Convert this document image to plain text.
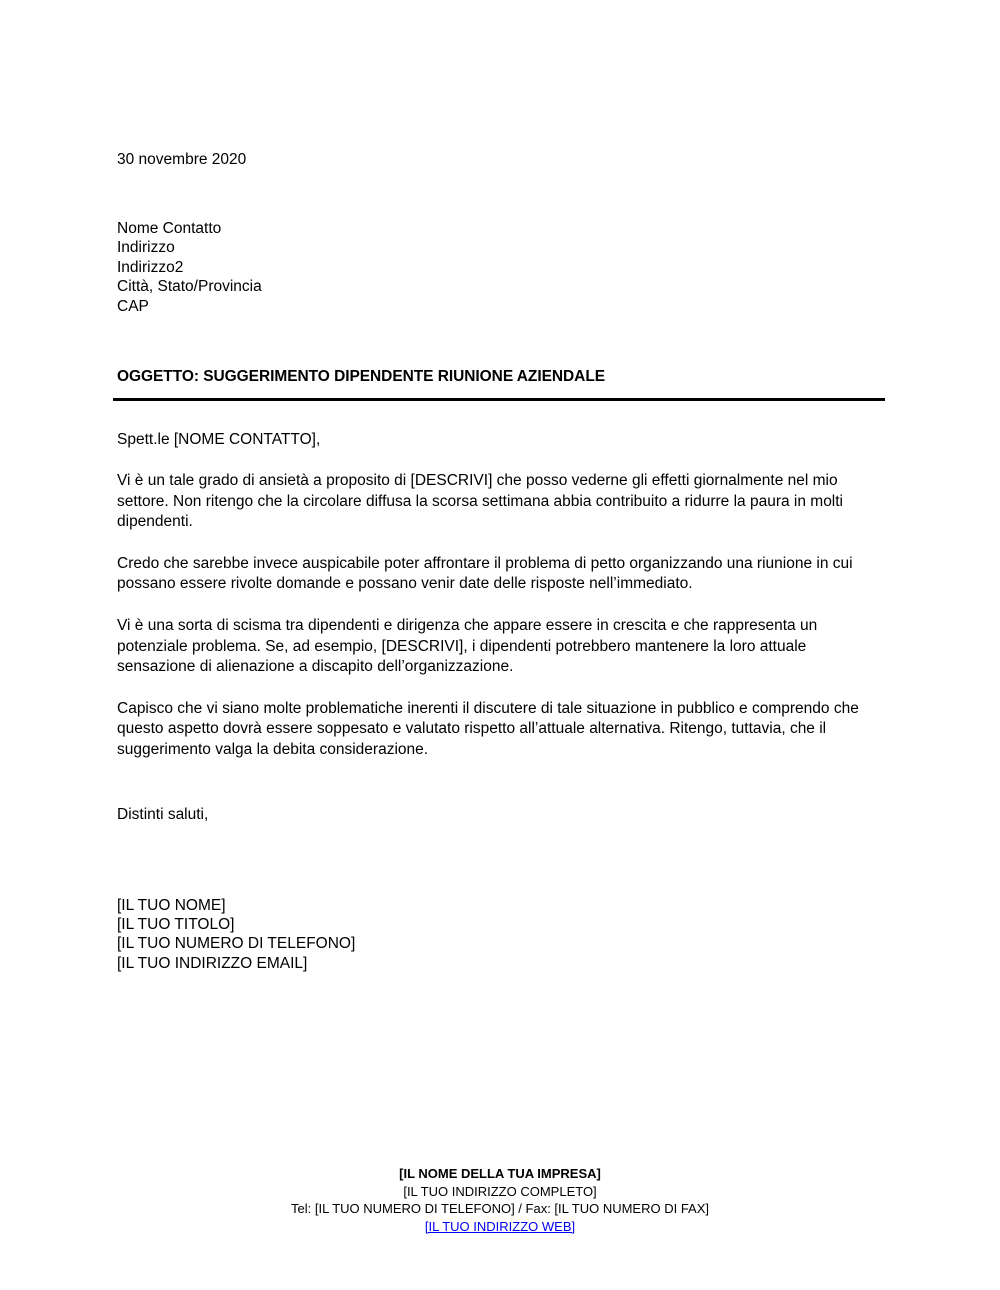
30 novembre 2020
Nome Contatto
Indirizzo
Indirizzo2
Città, Stato/Provincia
CAP
OGGETTO: SUGGERIMENTO DIPENDENTE RIUNIONE AZIENDALE
Spett.le [NOME CONTATTO],
Vi è un tale grado di ansietà a proposito di [DESCRIVI] che posso vederne gli effetti giornalmente nel mio settore. Non ritengo che la circolare diffusa la scorsa settimana abbia contribuito a ridurre la paura in molti dipendenti.
Credo che sarebbe invece auspicabile poter affrontare il problema di petto organizzando una riunione in cui possano essere rivolte domande e possano venir date delle risposte nell’immediato.
Vi è una sorta di scisma tra dipendenti e dirigenza che appare essere in crescita e che rappresenta un potenziale problema. Se, ad esempio, [DESCRIVI], i dipendenti potrebbero mantenere la loro attuale sensazione di alienazione a discapito dell’organizzazione.
Capisco che vi siano molte problematiche inerenti il discutere di tale situazione in pubblico e comprendo che questo aspetto dovrà essere soppesato e valutato rispetto all’attuale alternativa. Ritengo, tuttavia, che il suggerimento valga la debita considerazione.
Distinti saluti,
[IL TUO NOME]
[IL TUO TITOLO]
[IL TUO NUMERO DI TELEFONO]
[IL TUO INDIRIZZO EMAIL]
[IL NOME DELLA TUA IMPRESA]
[IL TUO INDIRIZZO COMPLETO]
Tel: [IL TUO NUMERO DI TELEFONO] / Fax: [IL TUO NUMERO DI FAX]
[IL TUO INDIRIZZO WEB]
